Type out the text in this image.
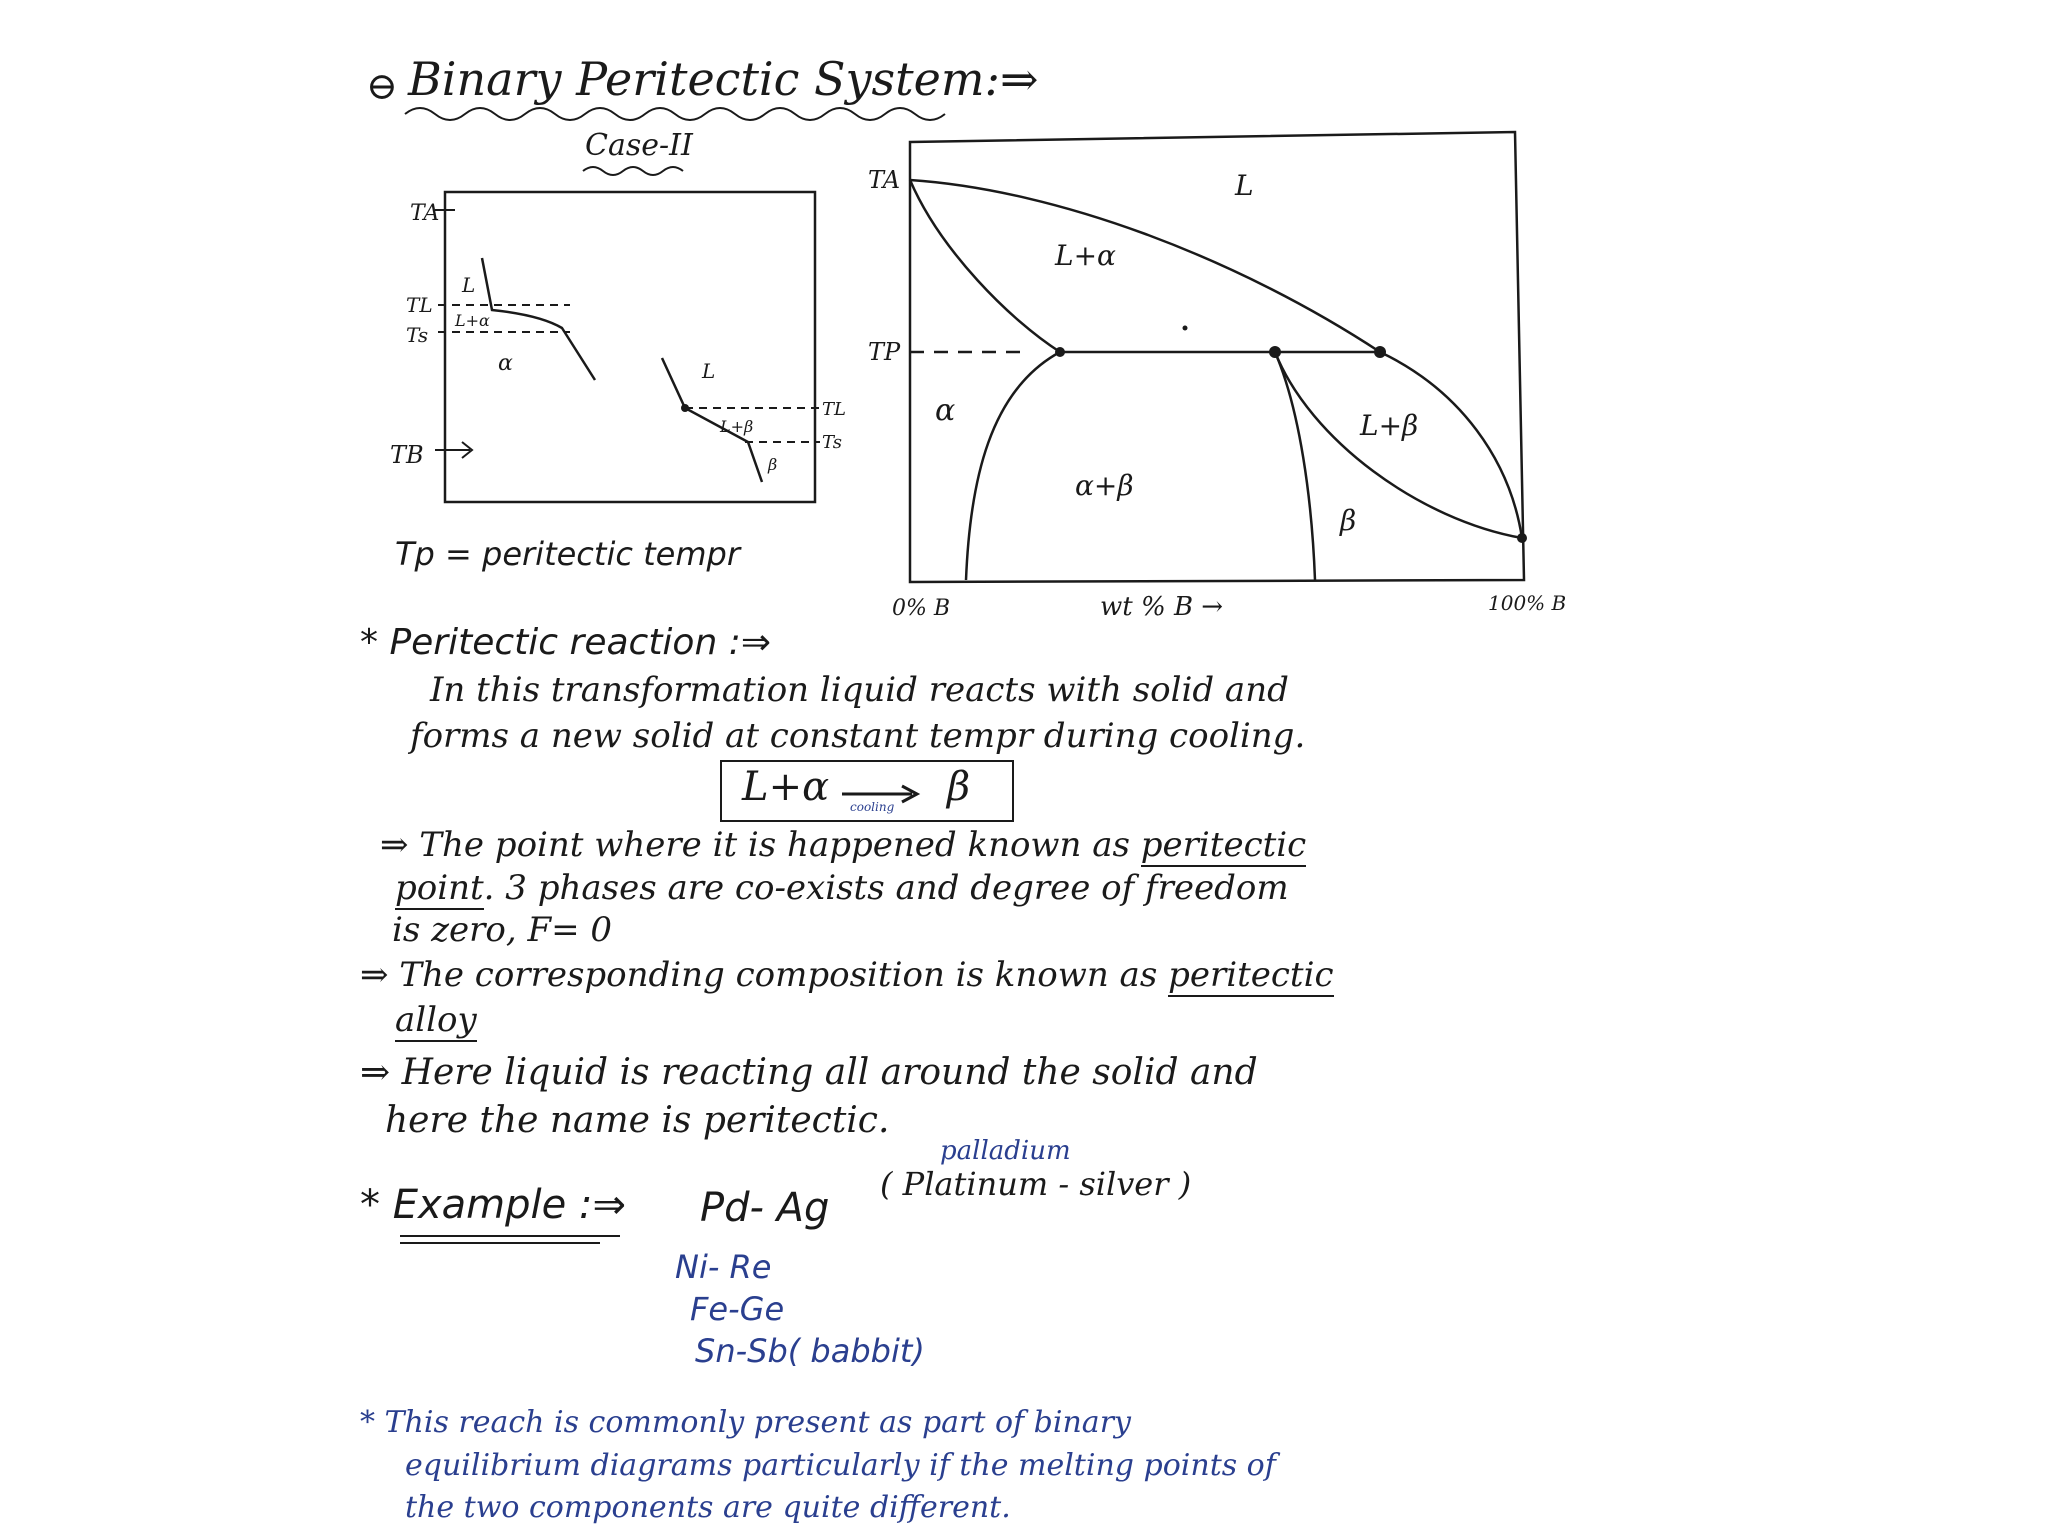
⊖ Binary Peritectic System:⇒
Case-II
TA
TL
Ts
TB
L
L+α
α	L
L+β
β
TL
Ts
Tp = peritectic tempr
TA
TP
L
L+α
α
α+β
L+β
β
0% B	wt % B →	100% B
* Peritectic reaction :⇒
In this transformation liquid reacts with solid and
forms a new solid at constant tempr during cooling.
L+α cooling β
⇒ The point where it is happened known as peritectic
point. 3 phases are co-exists and degree of freedom
is zero, F= 0
⇒ The corresponding composition is known as peritectic
alloy
⇒ Here liquid is reacting all around the solid and
here the name is peritectic.
* Example :⇒ Pd- Ag
palladium
( Platinum - silver )
Ni- Re
Fe-Ge
Sn-Sb( babbit)
* This reach is commonly present as part of binary
equilibrium diagrams particularly if the melting points of
the two components are quite different.
